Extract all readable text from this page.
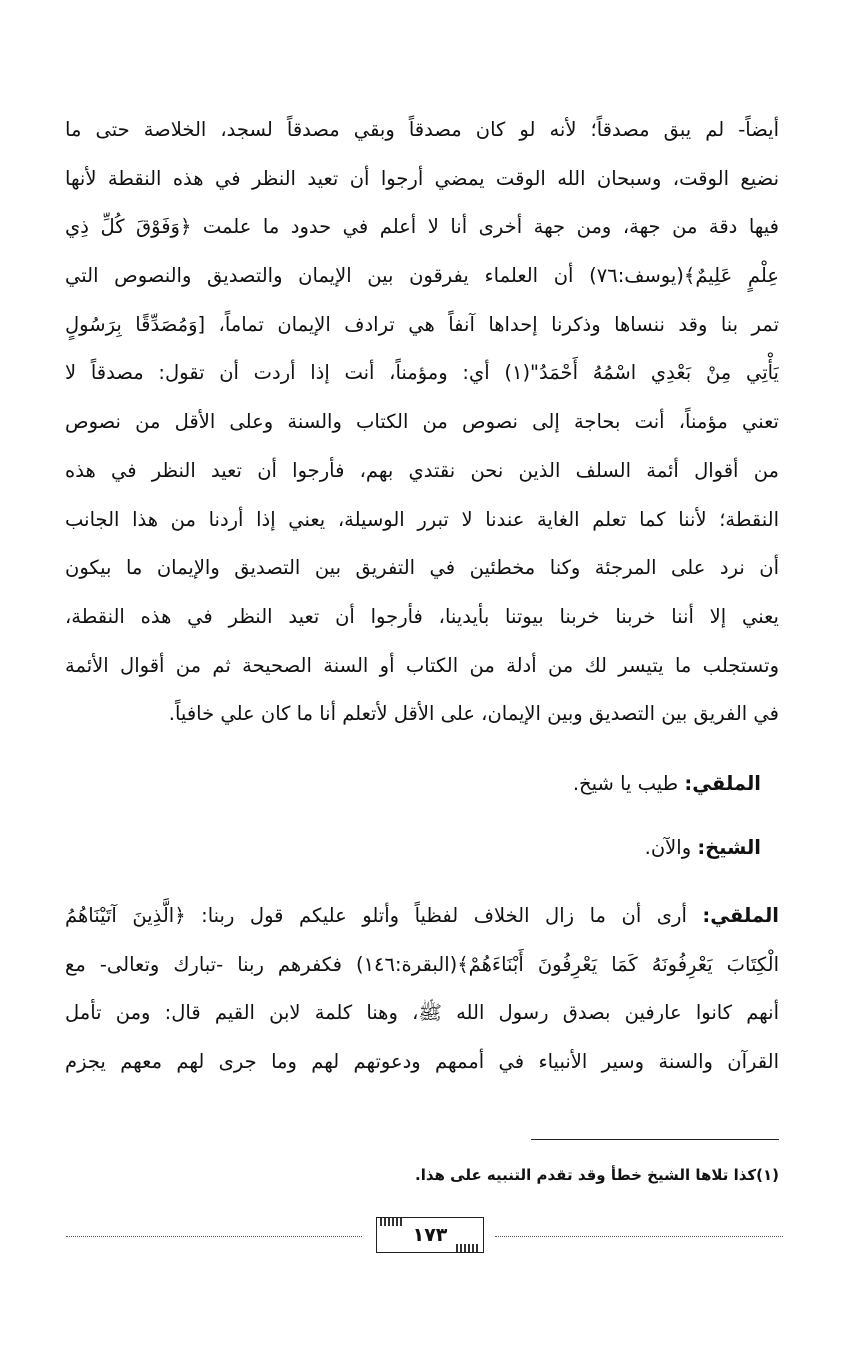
أيضاً- لم يبق مصدقاً؛ لأنه لو كان مصدقاً وبقي مصدقاً لسجد، الخلاصة حتى ما
نضيع الوقت، وسبحان الله الوقت يمضي أرجوا أن تعيد النظر في هذه النقطة لأنها
فيها دقة من جهة، ومن جهة أخرى أنا لا أعلم في حدود ما علمت ﴿وَفَوْقَ كُلِّ ذِي
عِلْمٍ عَلِيمٌ﴾(يوسف:٧٦) أن العلماء يفرقون بين الإيمان والتصديق والنصوص التي
تمر بنا وقد ننساها وذكرنا إحداها آنفاً هي ترادف الإيمان تماماً، [وَمُصَدِّقًا بِرَسُولٍ
يَأْتِي مِنْ بَعْدِي اسْمُهُ أَحْمَدُ"(١) أي: ومؤمناً، أنت إذا أردت أن تقول: مصدقاً لا
تعني مؤمناً، أنت بحاجة إلى نصوص من الكتاب والسنة وعلى الأقل من نصوص
من أقوال أئمة السلف الذين نحن نقتدي بهم، فأرجوا أن تعيد النظر في هذه
النقطة؛ لأننا كما تعلم الغاية عندنا لا تبرر الوسيلة، يعني إذا أردنا من هذا الجانب
أن نرد على المرجئة وكنا مخطئين في التفريق بين التصديق والإيمان ما بيكون
يعني إلا أننا خربنا خربنا بيوتنا بأيدينا، فأرجوا أن تعيد النظر في هذه النقطة،
وتستجلب ما يتيسر لك من أدلة من الكتاب أو السنة الصحيحة ثم من أقوال الأئمة
في الفريق بين التصديق وبين الإيمان، على الأقل لأتعلم أنا ما كان علي خافياً.

الملقي: طيب يا شيخ.

الشيخ: والآن.

الملقي: أرى أن ما زال الخلاف لفظياً وأتلو عليكم قول ربنا: ﴿الَّذِينَ آتَيْنَاهُمُ
الْكِتَابَ يَعْرِفُونَهُ كَمَا يَعْرِفُونَ أَبْنَاءَهُمْ﴾(البقرة:١٤٦) فكفرهم ربنا -تبارك وتعالى- مع
أنهم كانوا عارفين بصدق رسول الله ﷺ، وهنا كلمة لابن القيم قال: ومن تأمل
القرآن والسنة وسير الأنبياء في أممهم ودعوتهم لهم وما جرى لهم معهم يجزم

(١)كذا تلاها الشيخ خطأ وقد تقدم التنبيه على هذا.

١٧٣
